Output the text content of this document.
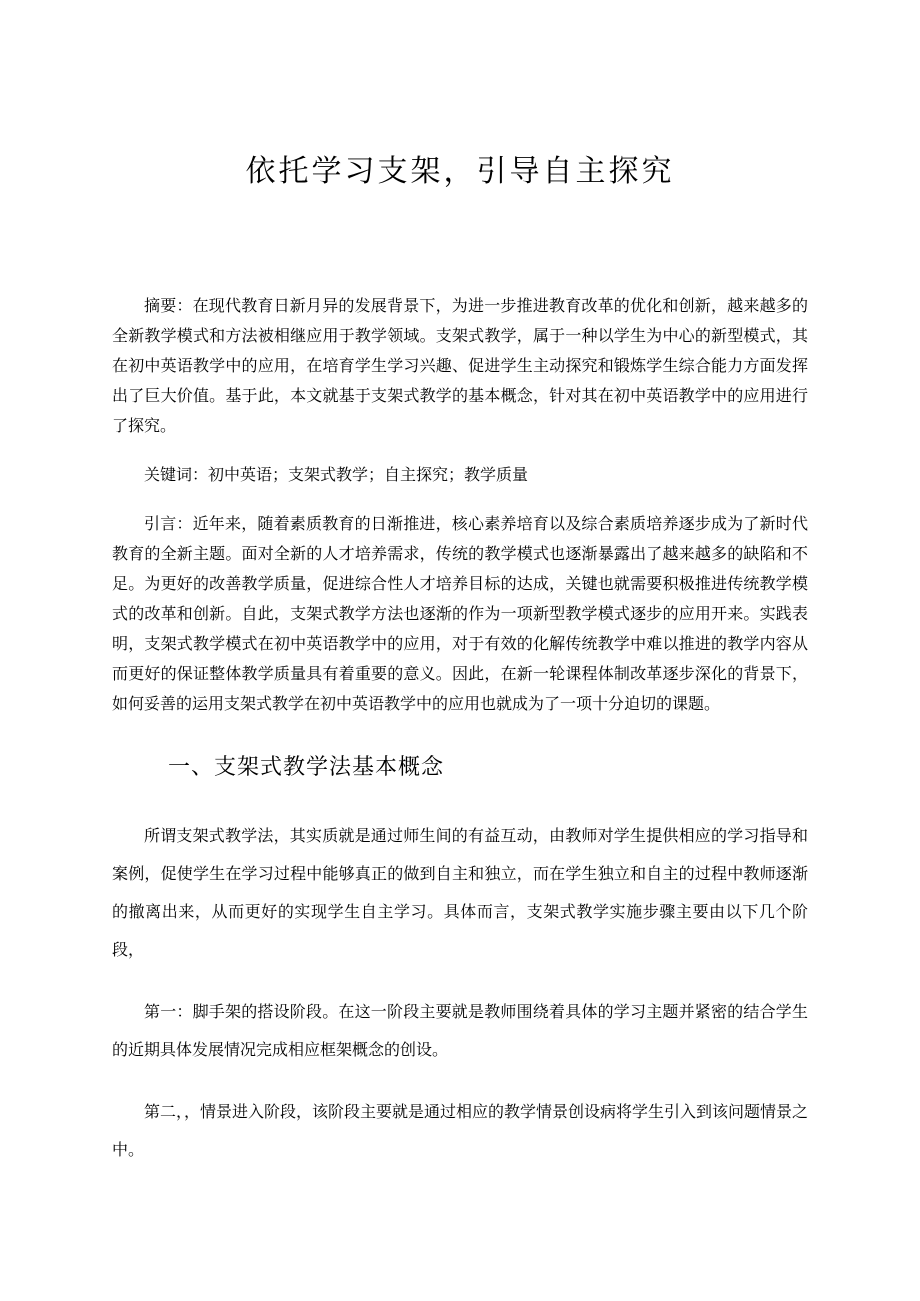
依托学习支架，引导自主探究

摘要：在现代教育日新月异的发展背景下，为进一步推进教育改革的优化和创新，越来越多的全新教学模式和方法被相继应用于教学领域。支架式教学，属于一种以学生为中心的新型模式，其在初中英语教学中的应用，在培育学生学习兴趣、促进学生主动探究和锻炼学生综合能力方面发挥出了巨大价值。基于此，本文就基于支架式教学的基本概念，针对其在初中英语教学中的应用进行了探究。

关键词：初中英语；支架式教学；自主探究；教学质量

引言：近年来，随着素质教育的日渐推进，核心素养培育以及综合素质培养逐步成为了新时代教育的全新主题。面对全新的人才培养需求，传统的教学模式也逐渐暴露出了越来越多的缺陷和不足。为更好的改善教学质量，促进综合性人才培养目标的达成，关键也就需要积极推进传统教学模式的改革和创新。自此，支架式教学方法也逐渐的作为一项新型教学模式逐步的应用开来。实践表明，支架式教学模式在初中英语教学中的应用，对于有效的化解传统教学中难以推进的教学内容从而更好的保证整体教学质量具有着重要的意义。因此，在新一轮课程体制改革逐步深化的背景下，如何妥善的运用支架式教学在初中英语教学中的应用也就成为了一项十分迫切的课题。

一、支架式教学法基本概念

所谓支架式教学法，其实质就是通过师生间的有益互动，由教师对学生提供相应的学习指导和案例，促使学生在学习过程中能够真正的做到自主和独立，而在学生独立和自主的过程中教师逐渐的撤离出来，从而更好的实现学生自主学习。具体而言，支架式教学实施步骤主要由以下几个阶段，

第一：脚手架的搭设阶段。在这一阶段主要就是教师围绕着具体的学习主题并紧密的结合学生的近期具体发展情况完成相应框架概念的创设。

第二，，情景进入阶段，该阶段主要就是通过相应的教学情景创设病将学生引入到该问题情景之中。
